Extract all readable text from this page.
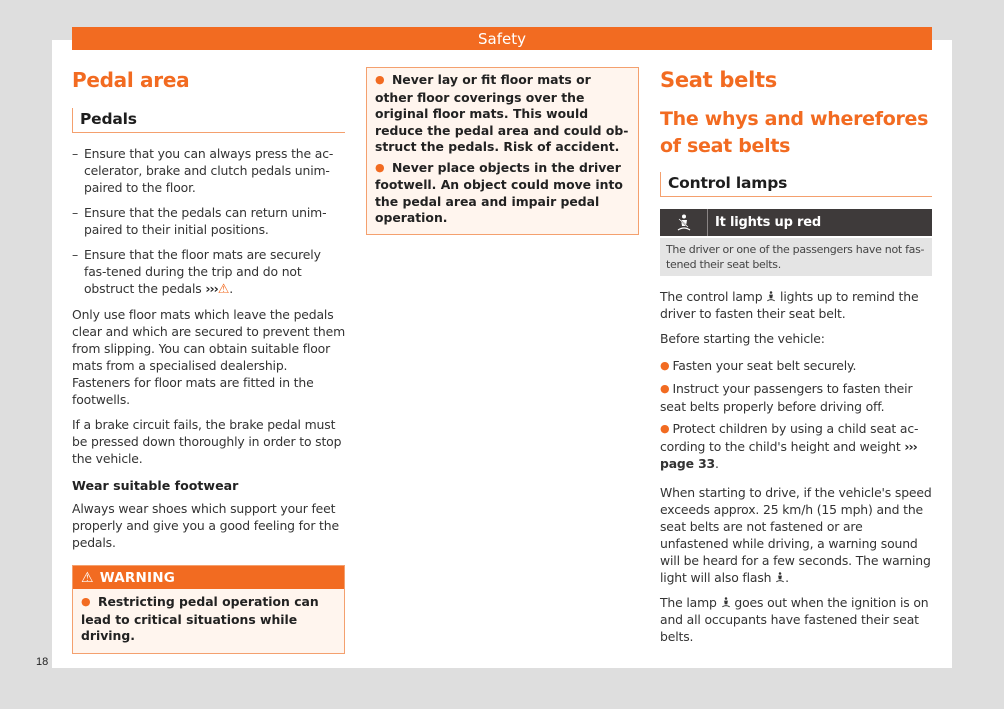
Safety
Pedal area
Pedals
– Ensure that you can always press the ac-celerator, brake and clutch pedals unim-paired to the floor.
– Ensure that the pedals can return unim-paired to their initial positions.
– Ensure that the floor mats are securely fas-tened during the trip and do not obstruct the pedals ›››⚠.

Only use floor mats which leave the pedals clear and which are secured to prevent them from slipping. You can obtain suitable floor mats from a specialised dealership. Fasteners for floor mats are fitted in the footwells.

If a brake circuit fails, the brake pedal must be pressed down thoroughly in order to stop the vehicle.

Wear suitable footwear

Always wear shoes which support your feet properly and give you a good feeling for the pedals.

⚠ WARNING

● Restricting pedal operation can lead to critical situations while driving.

● Never lay or fit floor mats or other floor coverings over the original floor mats. This would reduce the pedal area and could ob-struct the pedals. Risk of accident.

● Never place objects in the driver footwell. An object could move into the pedal area and impair pedal operation.

Seat belts
The whys and wherefores of seat belts
Control lamps
It lights up red
The driver or one of the passengers have not fas-tened their seat belts.

The control lamp lights up to remind the driver to fasten their seat belt.

Before starting the vehicle:

● Fasten your seat belt securely.

● Instruct your passengers to fasten their seat belts properly before driving off.

● Protect children by using a child seat ac-cording to the child's height and weight ››› page 33.

When starting to drive, if the vehicle's speed exceeds approx. 25 km/h (15 mph) and the seat belts are not fastened or are unfastened while driving, a warning sound will be heard for a few seconds. The warning light will also flash .

The lamp goes out when the ignition is on and all occupants have fastened their seat belts.

18
